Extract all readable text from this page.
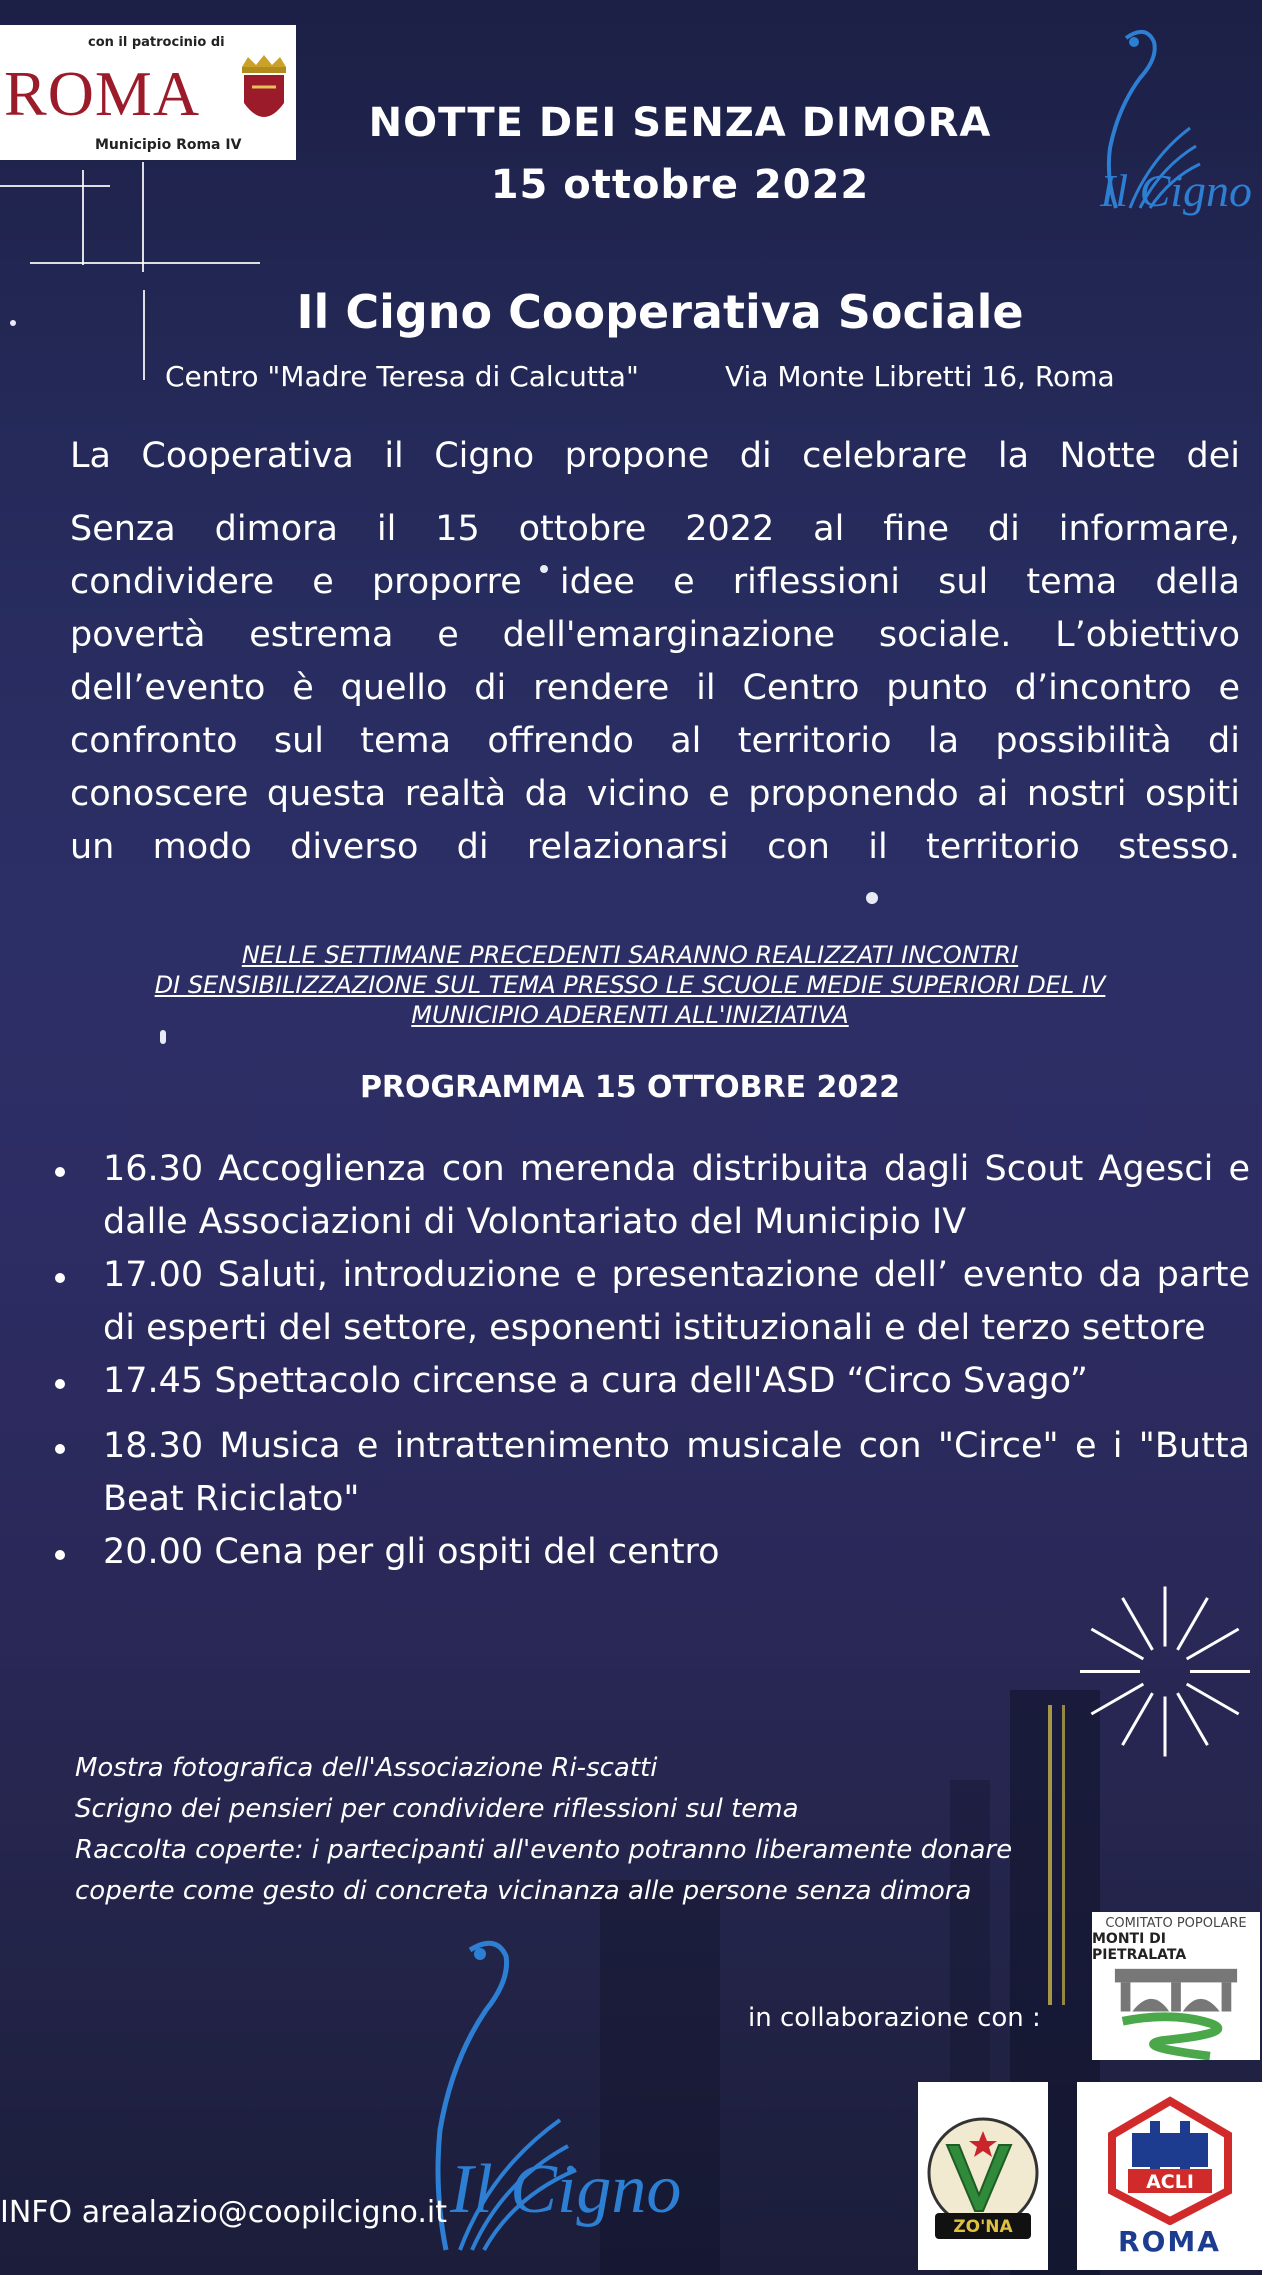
con il patrocinio di
ROMA
Municipio Roma IV
Il Cigno
NOTTE DEI SENZA DIMORA
15 ottobre 2022
Il Cigno Cooperativa Sociale
Centro "Madre Teresa di Calcutta"	Via Monte Libretti 16, Roma
La Cooperativa il Cigno propone di celebrare la Notte dei
Senza dimora il 15 ottobre 2022 al fine di informare,
condividere e proporre idee e riflessioni sul tema della
povertà estrema e dell'emarginazione sociale. L’obiettivo
dell’evento è quello di rendere il Centro punto d’incontro e
confronto sul tema offrendo al territorio la possibilità di
conoscere questa realtà da vicino e proponendo ai nostri ospiti
un modo diverso di relazionarsi con il territorio stesso.
NELLE SETTIMANE PRECEDENTI SARANNO REALIZZATI INCONTRI
DI SENSIBILIZZAZIONE SUL TEMA PRESSO LE SCUOLE MEDIE SUPERIORI DEL IV
MUNICIPIO ADERENTI ALL'INIZIATIVA
PROGRAMMA 15 OTTOBRE 2022
16.30 Accoglienza con merenda distribuita dagli Scout Agesci e dalle Associazioni di Volontariato del Municipio IV
17.00 Saluti, introduzione e presentazione dell’ evento da parte di esperti del settore, esponenti istituzionali e del terzo settore
17.45 Spettacolo circense a cura dell'ASD “Circo Svago”
18.30 Musica e intrattenimento musicale con "Circe" e i "Butta Beat Riciclato"
20.00 Cena per gli ospiti del centro
Mostra fotografica dell'Associazione Ri-scatti
Scrigno dei pensieri per condividere riflessioni sul tema
Raccolta coperte: i partecipanti all'evento potranno liberamente donare
coperte come gesto di concreta vicinanza alle persone senza dimora
COMITATO POPOLARE
MONTI DI PIETRALATA
in collaborazione con :
Il Cigno	ZO'NA
ACLI
ROMA
INFO arealazio@coopilcigno.it
